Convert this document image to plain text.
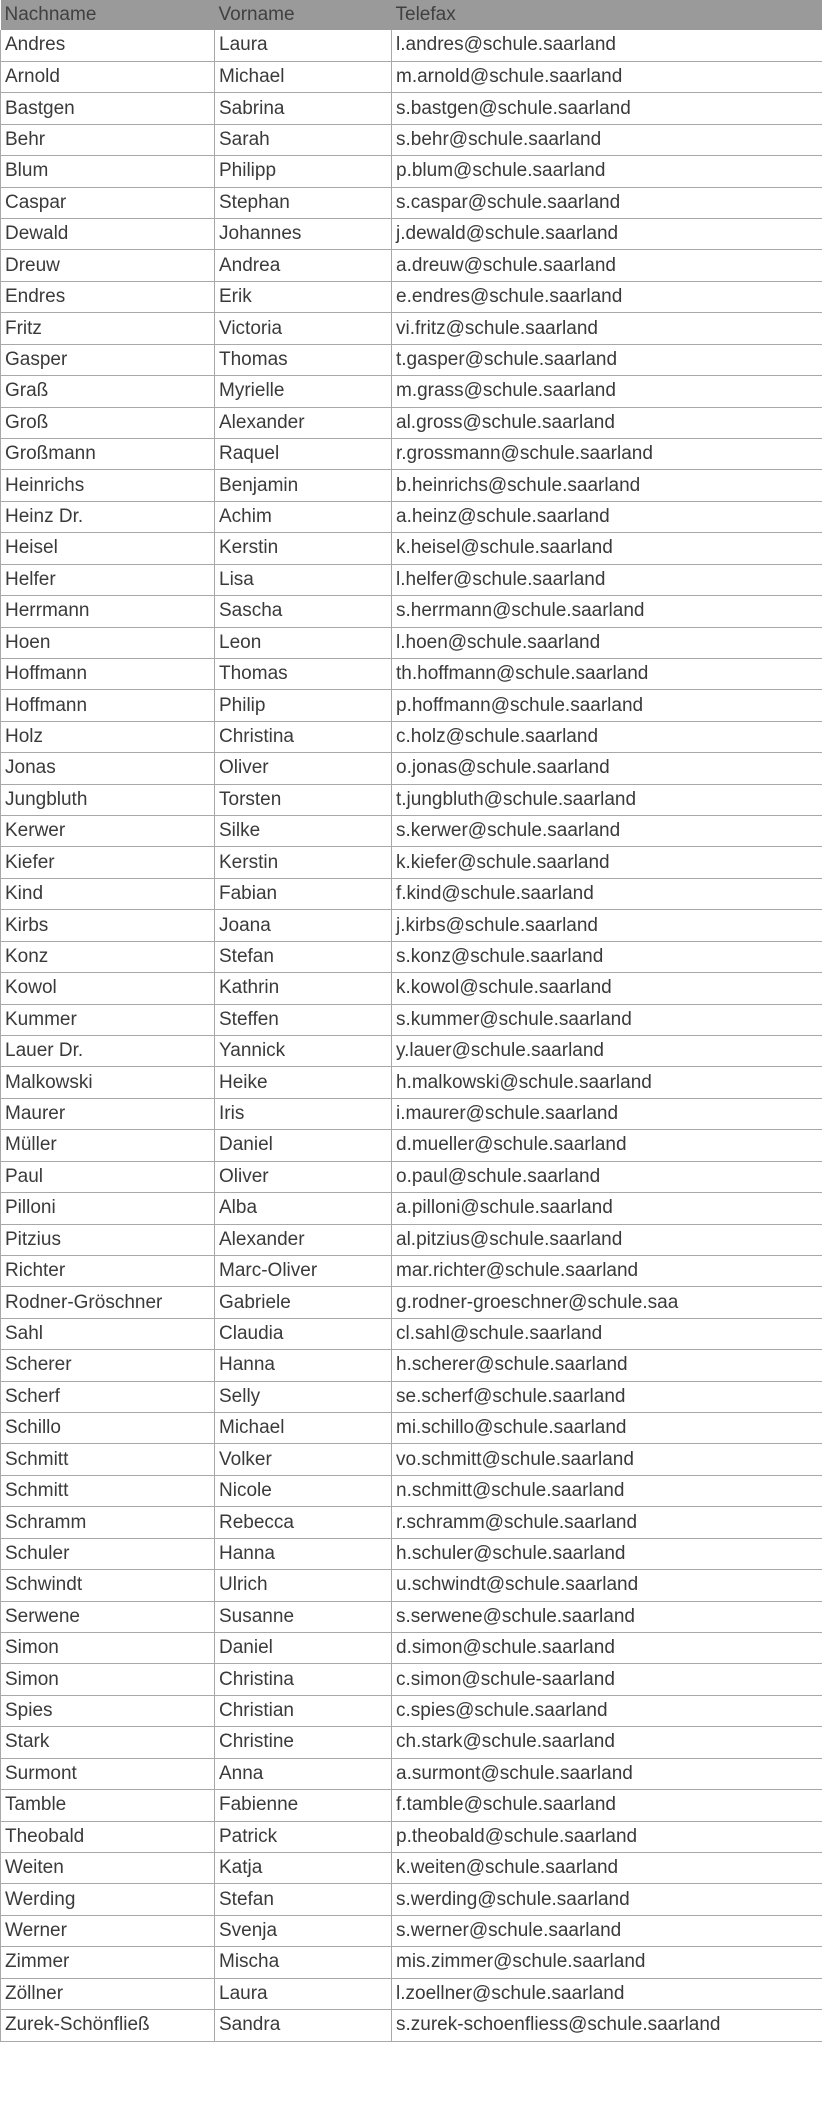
Nachname	Vorname	Telefax
Andres	Laura	l.andres@schule.saarland
Arnold	Michael	m.arnold@schule.saarland
Bastgen	Sabrina	s.bastgen@schule.saarland
Behr	Sarah	s.behr@schule.saarland
Blum	Philipp	p.blum@schule.saarland
Caspar	Stephan	s.caspar@schule.saarland
Dewald	Johannes	j.dewald@schule.saarland
Dreuw	Andrea	a.dreuw@schule.saarland
Endres	Erik	e.endres@schule.saarland
Fritz	Victoria	vi.fritz@schule.saarland
Gasper	Thomas	t.gasper@schule.saarland
Graß	Myrielle	m.grass@schule.saarland
Groß	Alexander	al.gross@schule.saarland
Großmann	Raquel	r.grossmann@schule.saarland
Heinrichs	Benjamin	b.heinrichs@schule.saarland
Heinz Dr.	Achim	a.heinz@schule.saarland
Heisel	Kerstin	k.heisel@schule.saarland
Helfer	Lisa	l.helfer@schule.saarland
Herrmann	Sascha	s.herrmann@schule.saarland
Hoen	Leon	l.hoen@schule.saarland
Hoffmann	Thomas	th.hoffmann@schule.saarland
Hoffmann	Philip	p.hoffmann@schule.saarland
Holz	Christina	c.holz@schule.saarland
Jonas	Oliver	o.jonas@schule.saarland
Jungbluth	Torsten	t.jungbluth@schule.saarland
Kerwer	Silke	s.kerwer@schule.saarland
Kiefer	Kerstin	k.kiefer@schule.saarland
Kind	Fabian	f.kind@schule.saarland
Kirbs	Joana	j.kirbs@schule.saarland
Konz	Stefan	s.konz@schule.saarland
Kowol	Kathrin	k.kowol@schule.saarland
Kummer	Steffen	s.kummer@schule.saarland
Lauer Dr.	Yannick	y.lauer@schule.saarland
Malkowski	Heike	h.malkowski@schule.saarland
Maurer	Iris	i.maurer@schule.saarland
Müller	Daniel	d.mueller@schule.saarland
Paul	Oliver	o.paul@schule.saarland
Pilloni	Alba	a.pilloni@schule.saarland
Pitzius	Alexander	al.pitzius@schule.saarland
Richter	Marc-Oliver	mar.richter@schule.saarland
Rodner-Gröschner	Gabriele	g.rodner-groeschner@schule.saa
Sahl	Claudia	cl.sahl@schule.saarland
Scherer	Hanna	h.scherer@schule.saarland
Scherf	Selly	se.scherf@schule.saarland
Schillo	Michael	mi.schillo@schule.saarland
Schmitt	Volker	vo.schmitt@schule.saarland
Schmitt	Nicole	n.schmitt@schule.saarland
Schramm	Rebecca	r.schramm@schule.saarland
Schuler	Hanna	h.schuler@schule.saarland
Schwindt	Ulrich	u.schwindt@schule.saarland
Serwene	Susanne	s.serwene@schule.saarland
Simon	Daniel	d.simon@schule.saarland
Simon	Christina	c.simon@schule-saarland
Spies	Christian	c.spies@schule.saarland
Stark	Christine	ch.stark@schule.saarland
Surmont	Anna	a.surmont@schule.saarland
Tamble	Fabienne	f.tamble@schule.saarland
Theobald	Patrick	p.theobald@schule.saarland
Weiten	Katja	k.weiten@schule.saarland
Werding	Stefan	s.werding@schule.saarland
Werner	Svenja	s.werner@schule.saarland
Zimmer	Mischa	mis.zimmer@schule.saarland
Zöllner	Laura	l.zoellner@schule.saarland
Zurek-Schönfließ	Sandra	s.zurek-schoenfliess@schule.saarland
